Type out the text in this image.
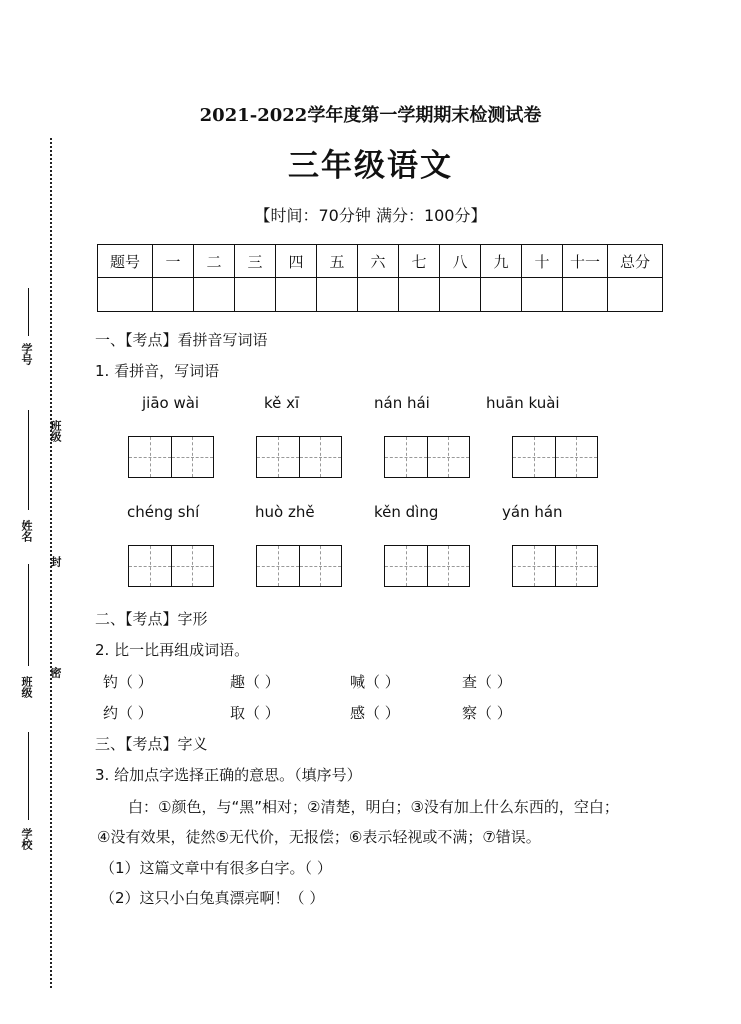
学号
班级
姓名
封
班级
密
学校
2021-2022学年度第一学期期末检测试卷
三年级语文
【时间：70分钟 满分：100分】
题号	一	二	三	四	五	六	七	八	九	十	十一	总分

一、【考点】看拼音写词语
1. 看拼音，写词语
jiāo wài	kě xī	nán hái	huān kuài
chéng shí	huò zhě	kěn dìng	yán hán
二、【考点】字形
2. 比一比再组成词语。
钓（ ）	趣（ ）	喊（ ）	查（ ）
约（ ）	取（ ）	感（ ）	察（ ）
三、【考点】字义
3. 给加点字选择正确的意思。（填序号）
白：①颜色，与“黑”相对；②清楚，明白；③没有加上什么东西的，空白；
④没有效果，徒然⑤无代价，无报偿；⑥表示轻视或不满；⑦错误。
（1）这篇文章中有很多白字。（ ）
（2）这只小白兔真漂亮啊！（ ）
